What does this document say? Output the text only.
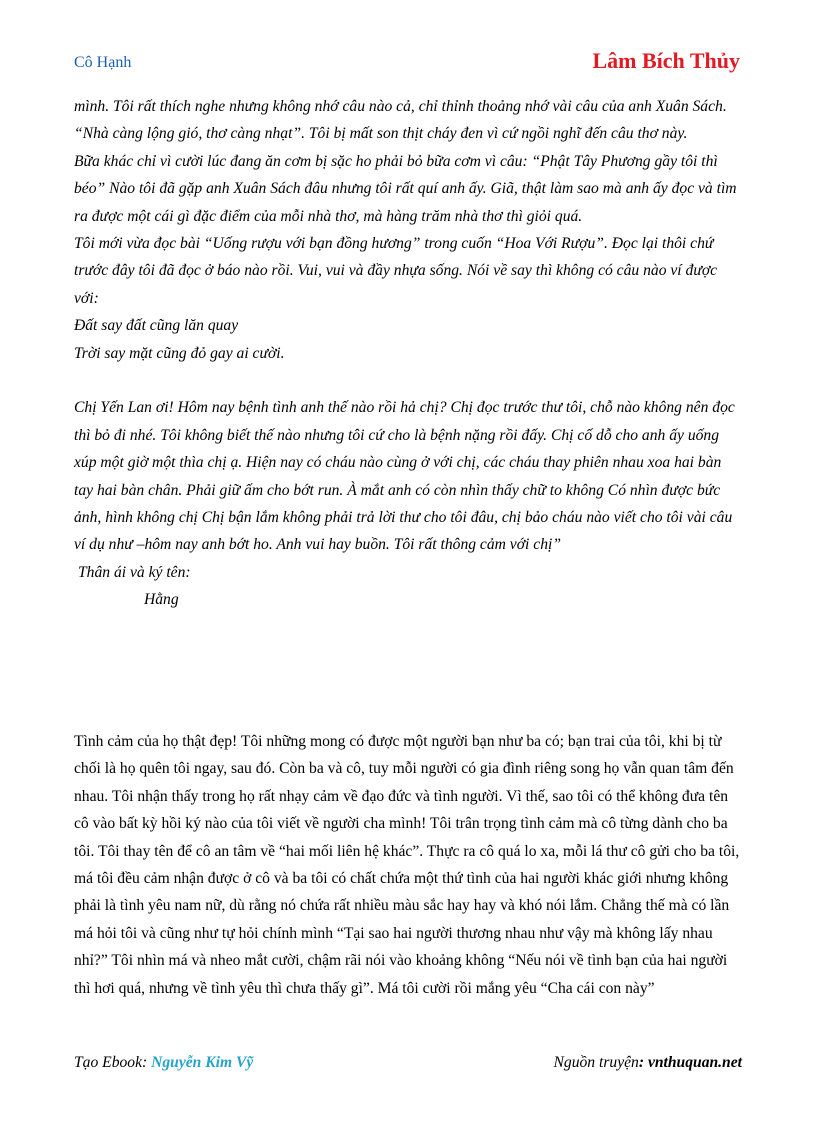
Cô Hạnh	Lâm Bích Thủy

mình. Tôi rất thích nghe nhưng không nhớ câu nào cả, chỉ thỉnh thoảng nhớ vài câu của anh Xuân Sách. “Nhà càng lộng gió, thơ càng nhạt”. Tôi bị mất son thịt cháy đen vì cứ ngồi nghĩ đến câu thơ này.

Bữa khác chỉ vì cười lúc đang ăn cơm bị sặc ho phải bỏ bữa cơm vì câu: “Phật Tây Phương gầy tôi thì béo” Nào tôi đã gặp anh Xuân Sách đâu nhưng tôi rất quí anh ấy. Giã, thật làm sao mà anh ấy đọc và tìm ra được một cái gì đặc điểm của mỗi nhà thơ, mà hàng trăm nhà thơ thì giỏi quá.

Tôi mới vừa đọc bài “Uống rượu với bạn đồng hương” trong cuốn “Hoa Với Rượu”. Đọc lại thôi chứ trước đây tôi đã đọc ở báo nào rồi. Vui, vui và đầy nhựa sống. Nói về say thì không có câu nào ví được với:

Đất say đất cũng lăn quay

Trời say mặt cũng đỏ gay ai cười.

Chị Yến Lan ơi! Hôm nay bệnh tình anh thế nào rồi hả chị? Chị đọc trước thư tôi, chỗ nào không nên đọc thì bỏ đi nhé. Tôi không biết thế nào nhưng tôi cứ cho là bệnh nặng rồi đấy. Chị cố dỗ cho anh ấy uống xúp một giờ một thìa chị ạ. Hiện nay có cháu nào cùng ở với chị, các cháu thay phiên nhau xoa hai bàn tay hai bàn chân. Phải giữ ấm cho bớt run. À mắt anh có còn nhìn thấy chữ to không Có nhìn được bức ảnh, hình không chị Chị bận lắm không phải trả lời thư cho tôi đâu, chị bảo cháu nào viết cho tôi vài câu ví dụ như –hôm nay anh bớt ho. Anh vui hay buồn. Tôi rất thông cảm với chị”

Thân ái và ký tên:

Hằng

Tình cảm của họ thật đẹp! Tôi những mong có được một người bạn như ba có; bạn trai của tôi, khi bị từ chối là họ quên tôi ngay, sau đó. Còn ba và cô, tuy mỗi người có gia đình riêng song họ vẫn quan tâm đến nhau. Tôi nhận thấy trong họ rất nhạy cảm về đạo đức và tình người. Vì thế, sao tôi có thể không đưa tên cô vào bất kỳ hồi ký nào của tôi viết về người cha mình! Tôi trân trọng tình cảm mà cô từng dành cho ba tôi. Tôi thay tên để cô an tâm về “hai mối liên hệ khác”. Thực ra cô quá lo xa, mỗi lá thư cô gửi cho ba tôi, má tôi đều cảm nhận được ở cô và ba tôi có chất chứa một thứ tình của hai người khác giới nhưng không phải là tình yêu nam nữ, dù rằng nó chứa rất nhiều màu sắc hay hay và khó nói lắm. Chẳng thế mà có lần má hỏi tôi và cũng như tự hỏi chính mình “Tại sao hai người thương nhau như vậy mà không lấy nhau nhỉ?” Tôi nhìn má và nheo mắt cười, chậm rãi nói vào khoảng không “Nếu nói về tình bạn của hai người thì hơi quá, nhưng về tình yêu thì chưa thấy gì”. Má tôi cười rồi mắng yêu “Cha cái con này”

Tạo Ebook: Nguyễn Kim Vỹ	Nguồn truyện: vnthuquan.net
